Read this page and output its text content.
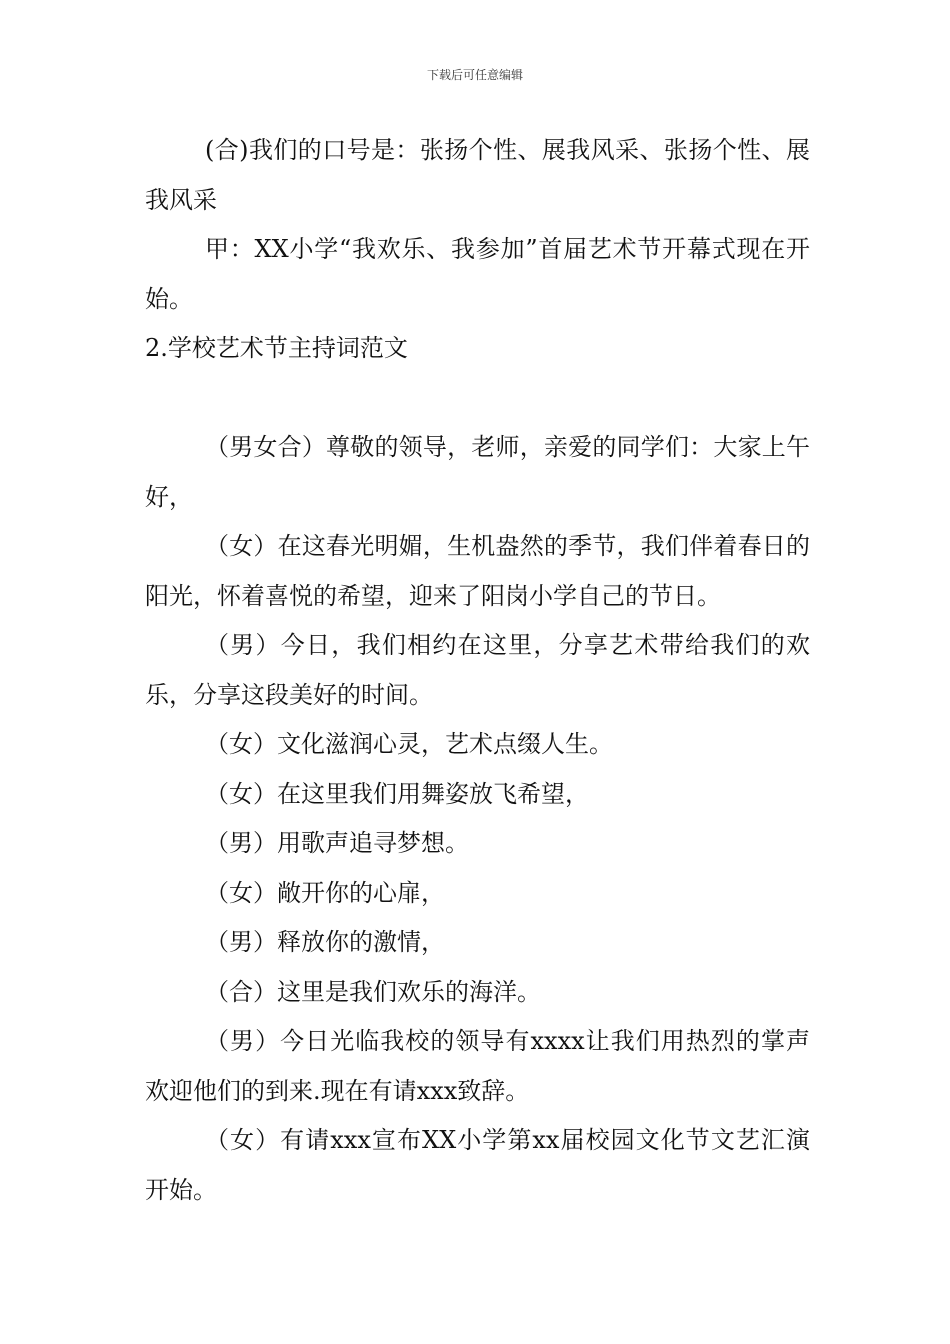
下载后可任意编辑

(合)我们的口号是：张扬个性、展我风采、张扬个性、展我风采

甲：XX小学“我欢乐、我参加”首届艺术节开幕式现在开始。

2.学校艺术节主持词范文

（男女合）尊敬的领导，老师，亲爱的同学们：大家上午好，

（女）在这春光明媚，生机盎然的季节，我们伴着春日的阳光，怀着喜悦的希望，迎来了阳岗小学自己的节日。

（男）今日，我们相约在这里，分享艺术带给我们的欢乐，分享这段美好的时间。

（女）文化滋润心灵，艺术点缀人生。

（女）在这里我们用舞姿放飞希望，

（男）用歌声追寻梦想。

（女）敞开你的心扉，

（男）释放你的激情，

（合）这里是我们欢乐的海洋。

（男）今日光临我校的领导有xxxx让我们用热烈的掌声欢迎他们的到来.现在有请xxx致辞。

（女）有请xxx宣布XX小学第xx届校园文化节文艺汇演开始。
